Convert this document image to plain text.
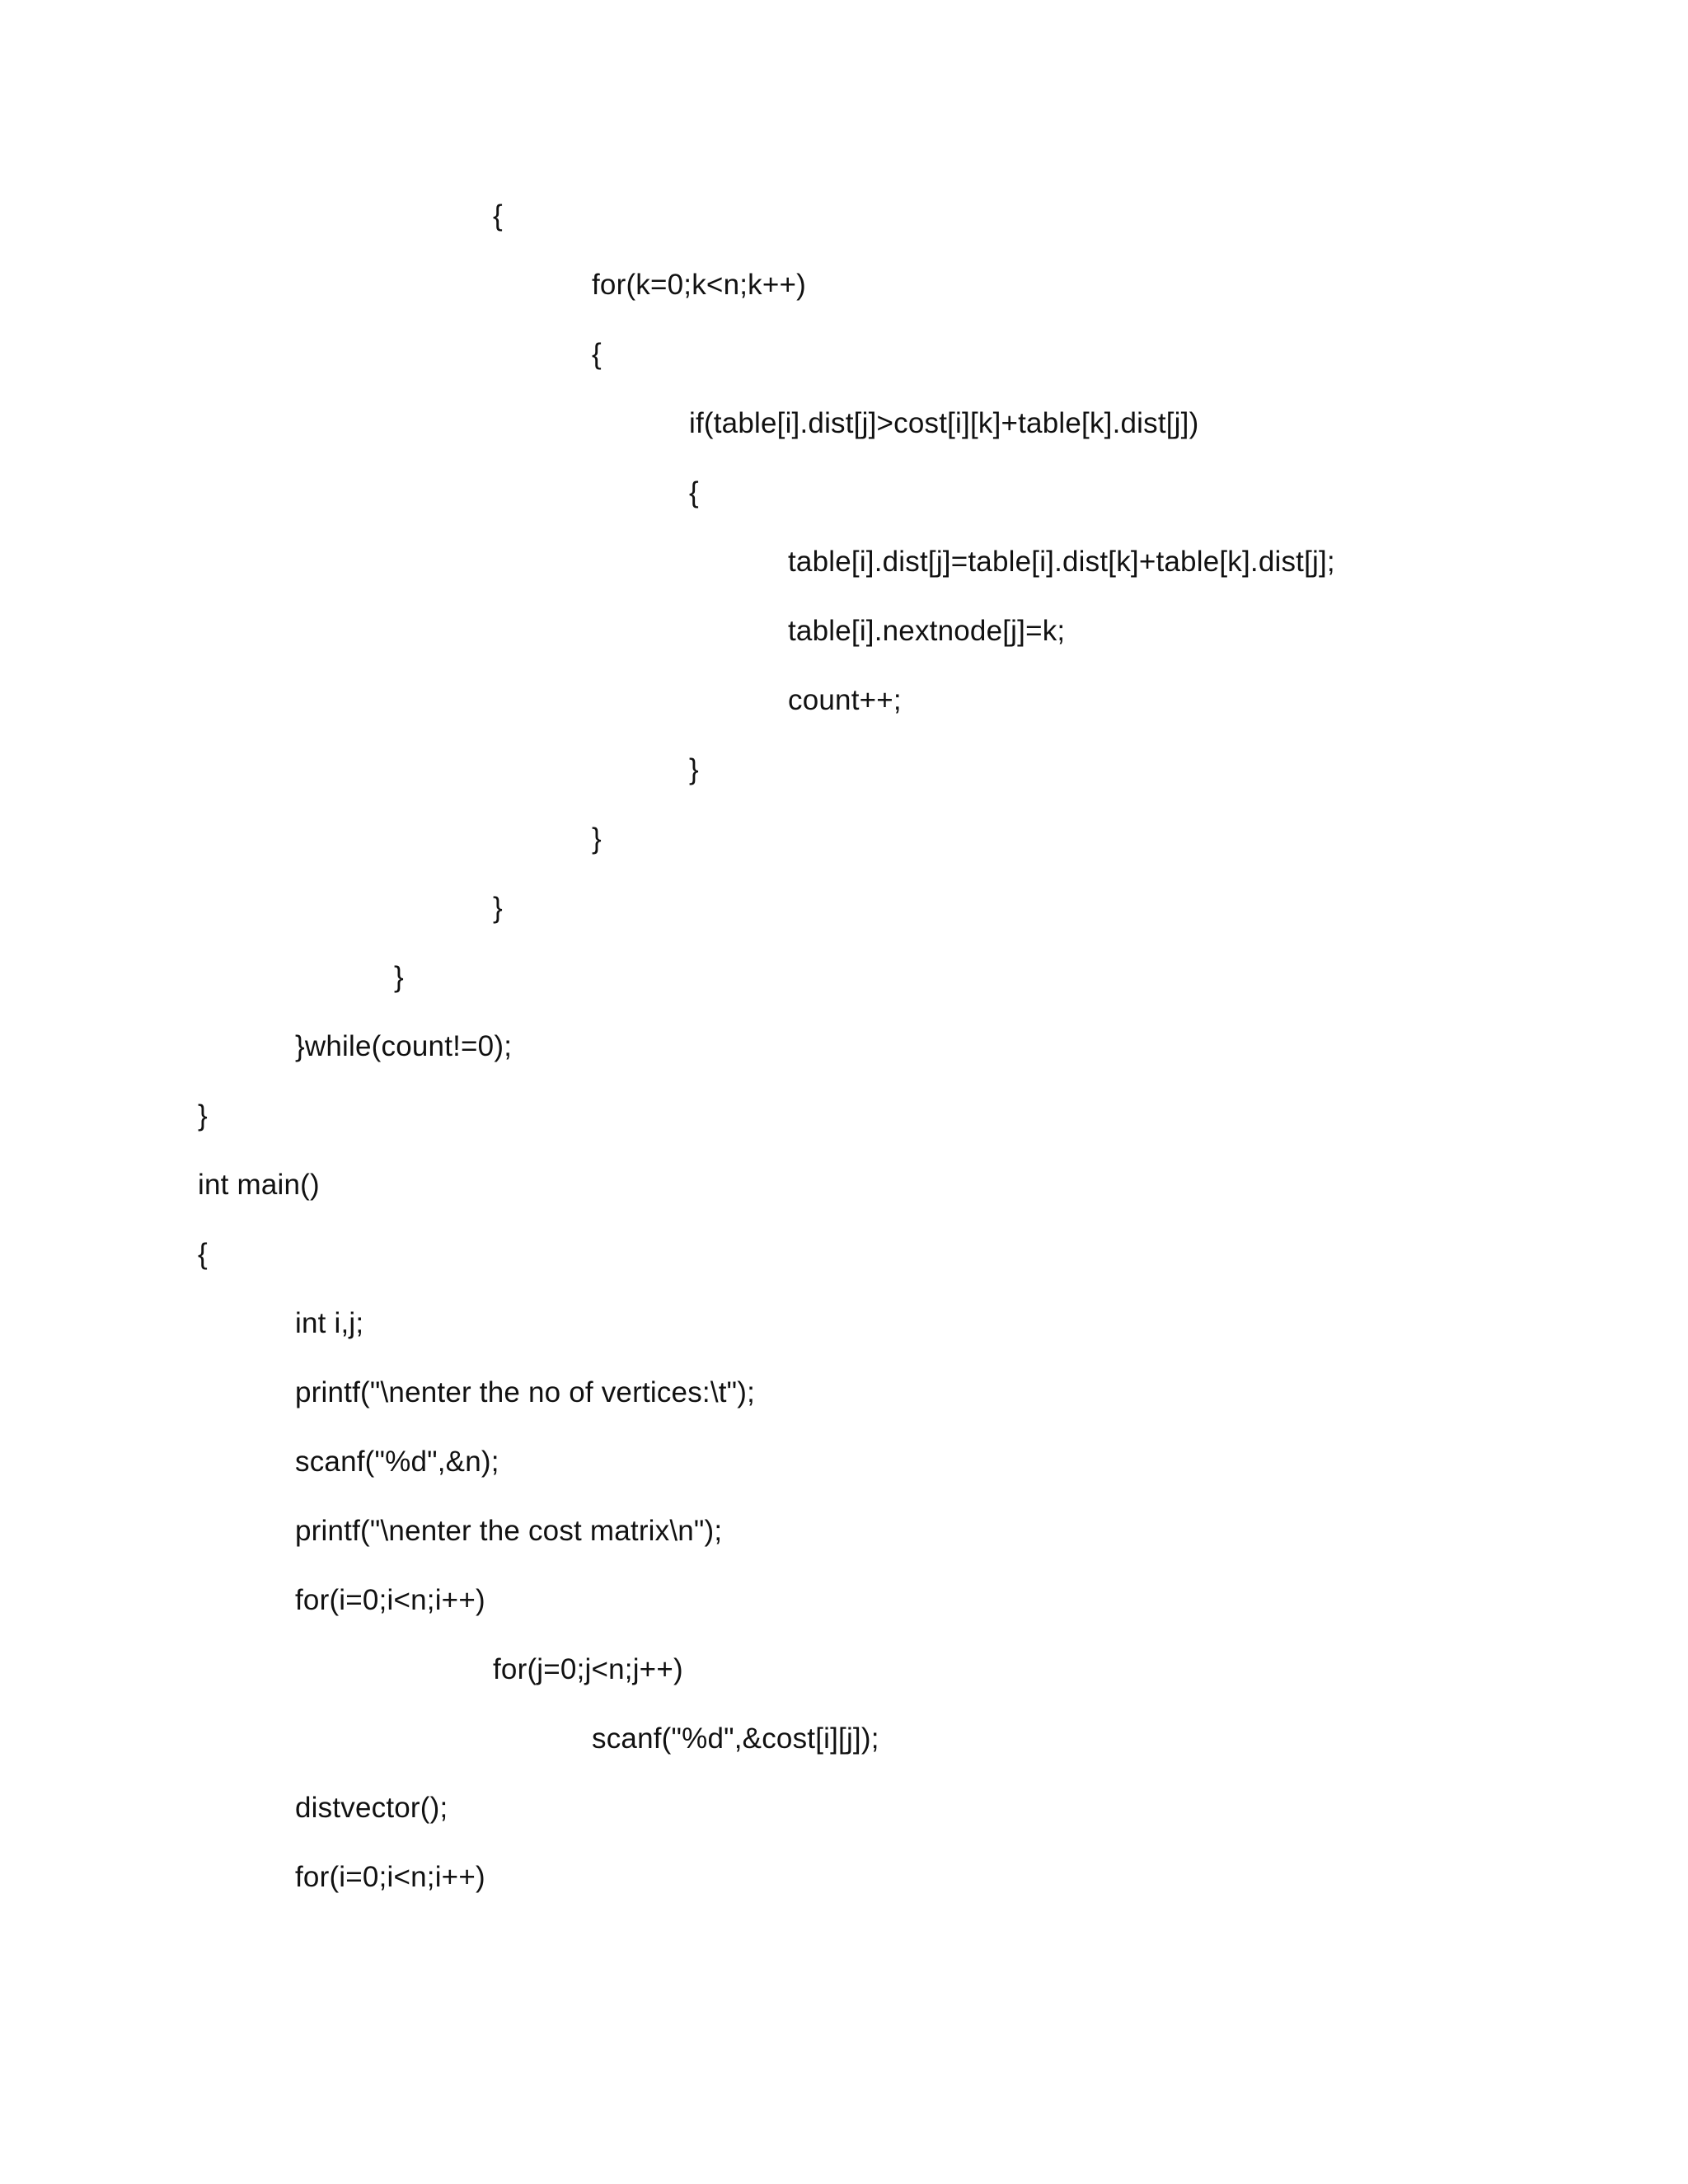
{
for(k=0;k<n;k++)
{
if(table[i].dist[j]>cost[i][k]+table[k].dist[j])
{
table[i].dist[j]=table[i].dist[k]+table[k].dist[j];
table[i].nextnode[j]=k;
count++;
}
}
}
}
}while(count!=0);
}
int main()
{
int i,j;
printf("\nenter the no of vertices:\t");
scanf("%d",&n);
printf("\nenter the cost matrix\n");
for(i=0;i<n;i++)
for(j=0;j<n;j++)
scanf("%d",&cost[i][j]);
distvector();
for(i=0;i<n;i++)
